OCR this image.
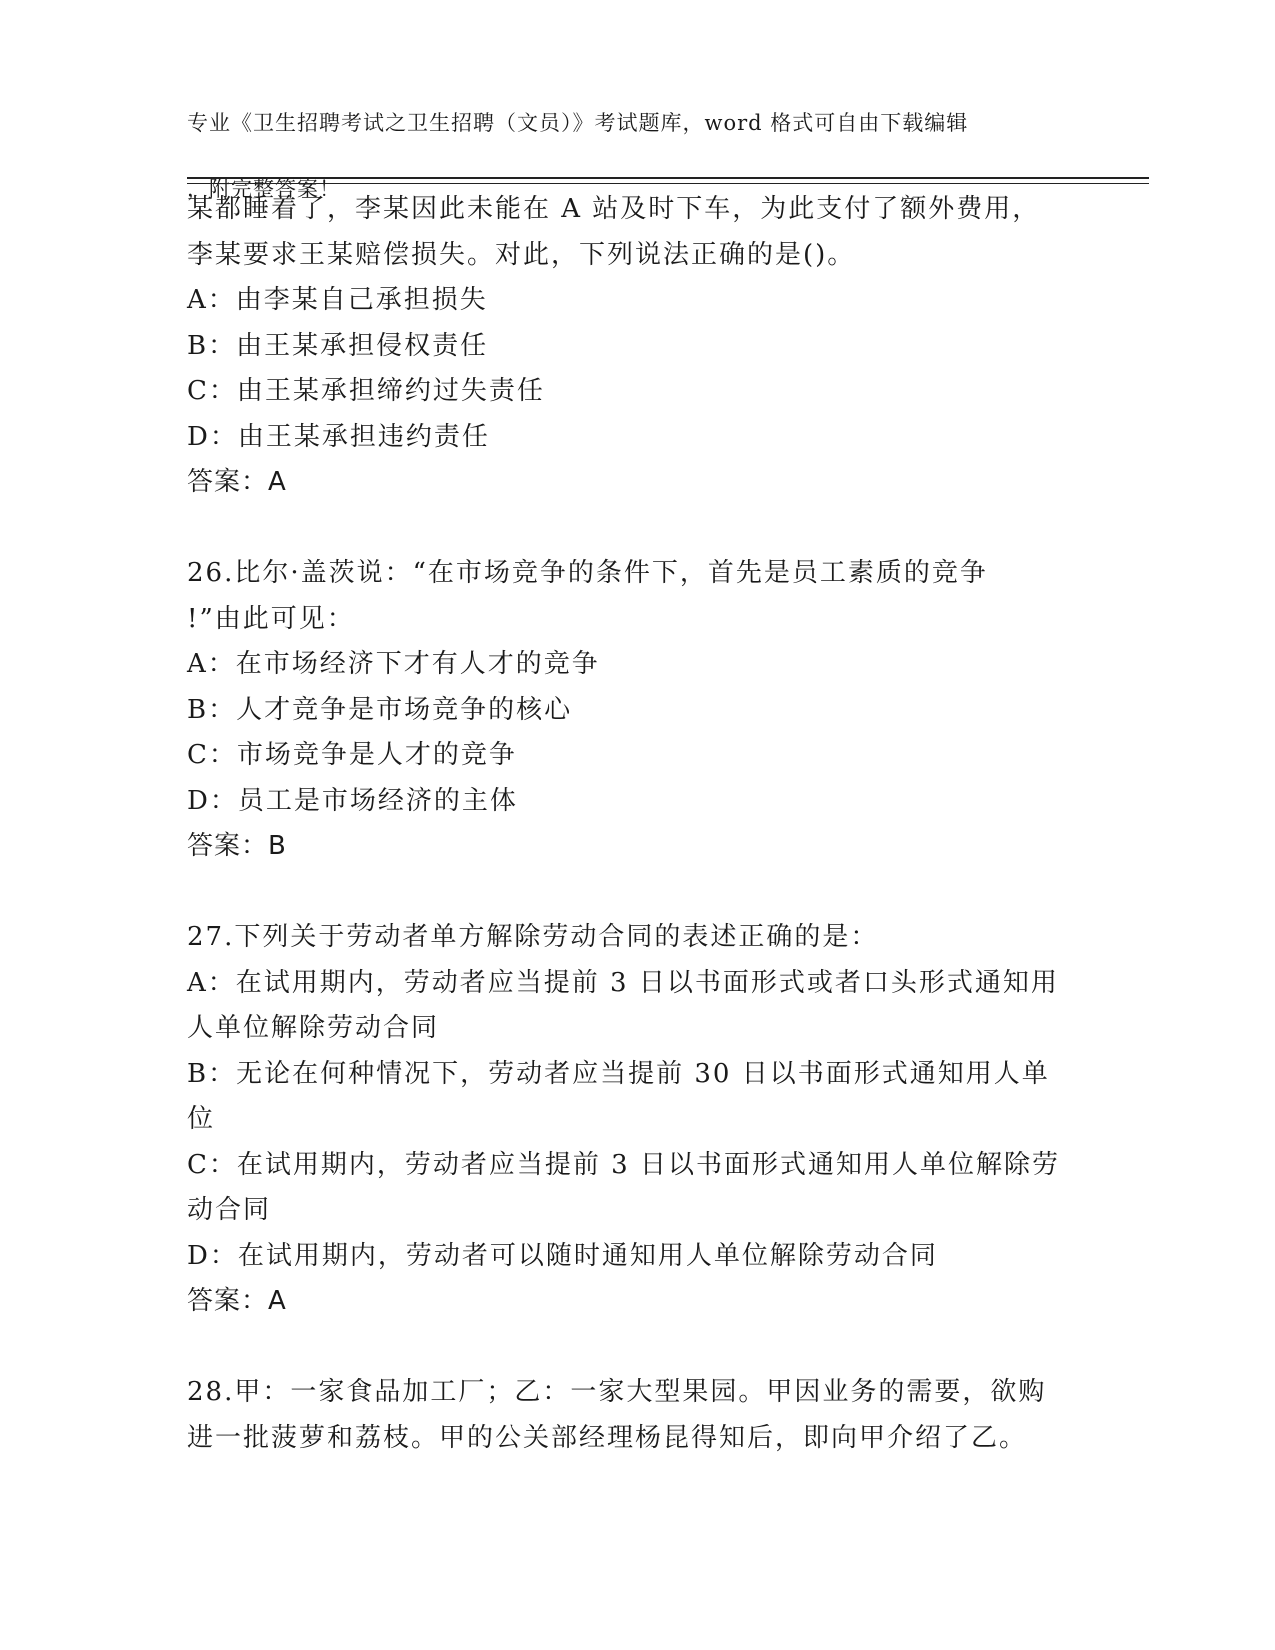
专业《卫生招聘考试之卫生招聘（文员）》考试题库，word 格式可自由下载编辑

，附完整答案！

某都睡着了，李某因此未能在 A 站及时下车，为此支付了额外费用，

李某要求王某赔偿损失。对此，下列说法正确的是()。

A：由李某自己承担损失

B：由王某承担侵权责任

C：由王某承担缔约过失责任

D：由王某承担违约责任

答案：A

26.比尔·盖茨说：“在市场竞争的条件下，首先是员工素质的竞争

!”由此可见：

A：在市场经济下才有人才的竞争

B：人才竞争是市场竞争的核心

C：市场竞争是人才的竞争

D：员工是市场经济的主体

答案：B

27.下列关于劳动者单方解除劳动合同的表述正确的是：

A：在试用期内，劳动者应当提前 3 日以书面形式或者口头形式通知用

人单位解除劳动合同

B：无论在何种情况下，劳动者应当提前 30 日以书面形式通知用人单

位

C：在试用期内，劳动者应当提前 3 日以书面形式通知用人单位解除劳

动合同

D：在试用期内，劳动者可以随时通知用人单位解除劳动合同

答案：A

28.甲：一家食品加工厂；乙：一家大型果园。甲因业务的需要，欲购

进一批菠萝和荔枝。甲的公关部经理杨昆得知后，即向甲介绍了乙。
